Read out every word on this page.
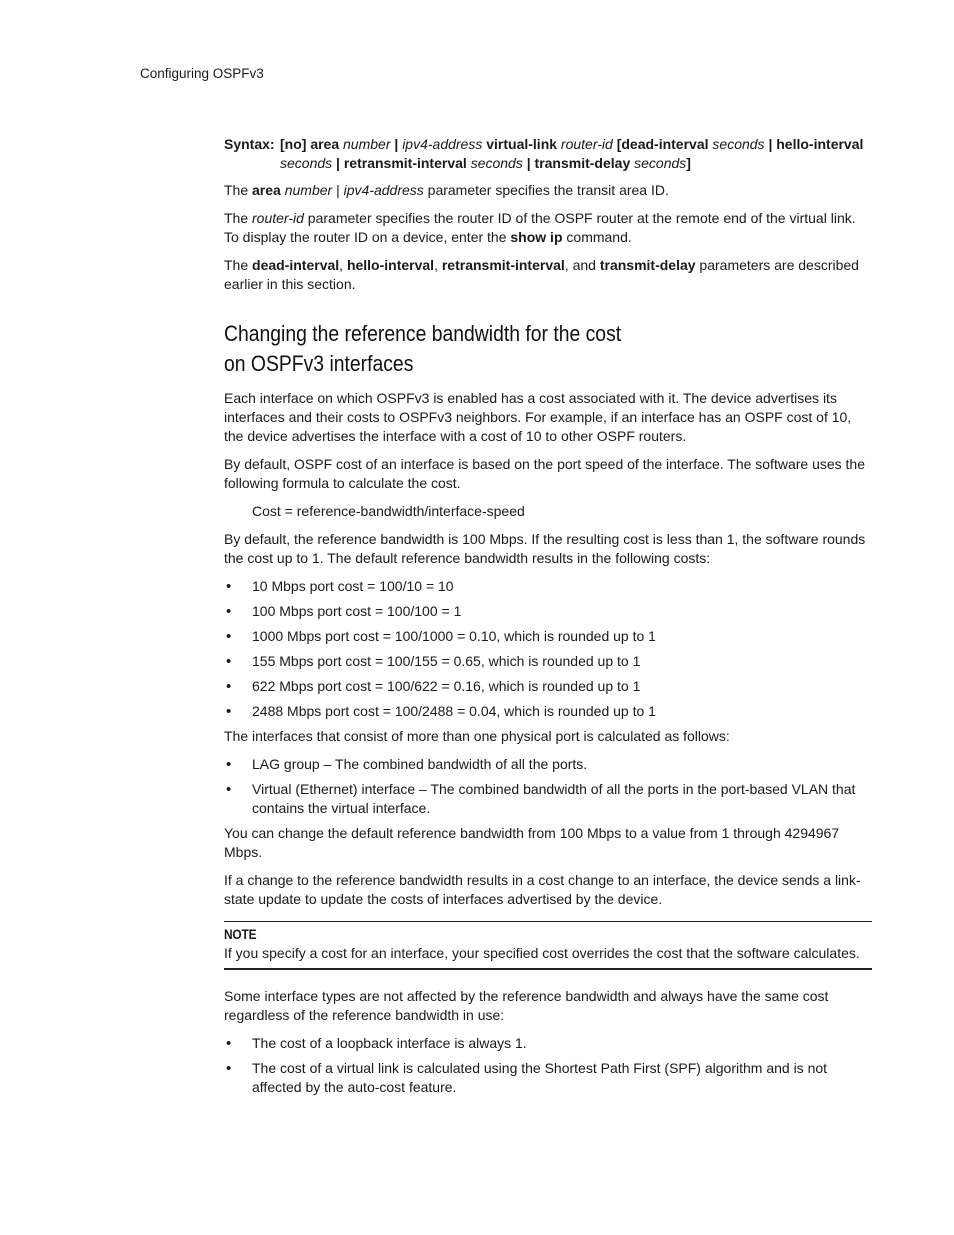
Configuring OSPFv3
Syntax: [no] area number | ipv4-address virtual-link router-id [dead-interval seconds | hello-interval seconds | retransmit-interval seconds | transmit-delay seconds]

The area number | ipv4-address parameter specifies the transit area ID.

The router-id parameter specifies the router ID of the OSPF router at the remote end of the virtual link. To display the router ID on a device, enter the show ip command.

The dead-interval, hello-interval, retransmit-interval, and transmit-delay parameters are described earlier in this section.

Changing the reference bandwidth for the cost
on OSPFv3 interfaces

Each interface on which OSPFv3 is enabled has a cost associated with it. The device advertises its interfaces and their costs to OSPFv3 neighbors. For example, if an interface has an OSPF cost of 10, the device advertises the interface with a cost of 10 to other OSPF routers.

By default, OSPF cost of an interface is based on the port speed of the interface. The software uses the following formula to calculate the cost.

Cost = reference-bandwidth/interface-speed

By default, the reference bandwidth is 100 Mbps. If the resulting cost is less than 1, the software rounds the cost up to 1. The default reference bandwidth results in the following costs:

• 10 Mbps port cost = 100/10 = 10
• 100 Mbps port cost = 100/100 = 1
• 1000 Mbps port cost = 100/1000 = 0.10, which is rounded up to 1
• 155 Mbps port cost = 100/155 = 0.65, which is rounded up to 1
• 622 Mbps port cost = 100/622 = 0.16, which is rounded up to 1
• 2488 Mbps port cost = 100/2488 = 0.04, which is rounded up to 1

The interfaces that consist of more than one physical port is calculated as follows:

• LAG group – The combined bandwidth of all the ports.
• Virtual (Ethernet) interface – The combined bandwidth of all the ports in the port-based VLAN that contains the virtual interface.

You can change the default reference bandwidth from 100 Mbps to a value from 1 through 4294967 Mbps.

If a change to the reference bandwidth results in a cost change to an interface, the device sends a link-state update to update the costs of interfaces advertised by the device.

NOTE

If you specify a cost for an interface, your specified cost overrides the cost that the software calculates.

Some interface types are not affected by the reference bandwidth and always have the same cost regardless of the reference bandwidth in use:

• The cost of a loopback interface is always 1.
• The cost of a virtual link is calculated using the Shortest Path First (SPF) algorithm and is not affected by the auto-cost feature.
